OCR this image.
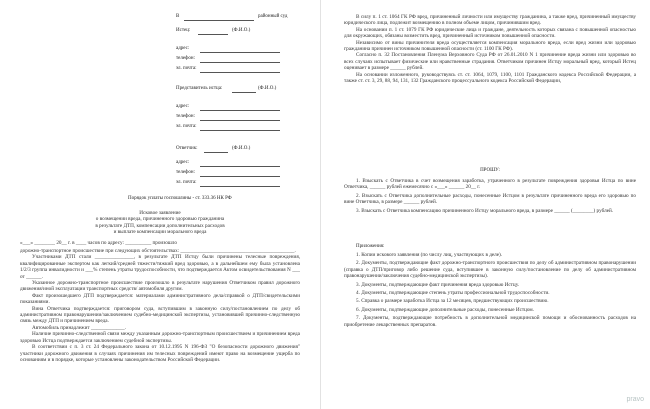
В	районный суд
Истец:	(Ф.И.О.)
адрес:
телефон:
эл. почта:
Представитель истца:	(Ф.И.О.)
адрес:
телефон:
эл. почта:
Ответчик:	(Ф.И.О.)
адрес:
телефон:
эл. почта:
Порядок уплаты госпошлины - ст. 333.36 НК РФ
Исковое заявление
о возмещении вреда, причиненного здоровью гражданина
в результате ДТП, компенсации дополнительных расходов
и выплате компенсации морального вреда
«___» ________ 20__ г. в ____ часов по адресу: __________ произошло
дорожно-транспортное происшествие при следующих обстоятельствах: ____________________________________________.
Участниками ДТП стали _______________, в результате ДТП Истцу были причинены телесные повреждения, квалифицированные экспертом как легкий/средней тяжести/тяжкий вред здоровью, а в дальнейшем ему была установлена 1/2/3 группа инвалидности и ___% степень утраты трудоспособности, что подтверждается Актом освидетельствования N ___ от ______.
Указанное дорожно-транспортное происшествие произошло в результате нарушения Ответчиком правил дорожного движения/иной эксплуатации транспортных средств/ автомобиля другим.
Факт произошедшего ДТП подтверждается: материалами административного дела/справкой о ДТП/свидетельскими показаниями.
Вина Ответчика подтверждается: приговором суда, вступившим в законную силу/постановлением по делу об административном правонарушении/заключением судебно-медицинской экспертизы, установившей причинно-следственную связь между ДТП и причинением вреда.
Автомобиль принадлежит _____________.
Наличие причинно-следственной связи между указанным дорожно-транспортным происшествием и причинением вреда здоровью Истца подтверждается заключением судебной экспертизы.
В соответствии с п. 3 ст. 24 Федерального закона от 10.12.1995 N 196-ФЗ "О безопасности дорожного движения" участники дорожного движения в случаях причинения им телесных повреждений имеют право на возмещение ущерба по основаниям и в порядке, которые установлены законодательством Российской Федерации.
В силу п. 1 ст. 1064 ГК РФ вред, причиненный личности или имуществу гражданина, а также вред, причиненный имуществу юридического лица, подлежит возмещению в полном объеме лицом, причинившим вред.
На основании п. 1 ст. 1079 ГК РФ юридические лица и граждане, деятельность которых связана с повышенной опасностью для окружающих, обязаны возместить вред, причиненный источником повышенной опасности.
Независимо от вины причинителя вреда осуществляется компенсация морального вреда, если вред жизни или здоровью гражданина причинен источником повышенной опасности (ст. 1100 ГК РФ).
Согласно п. 32 Постановления Пленума Верховного Суда РФ от 26.01.2010 N 1 причинение вреда жизни или здоровью во всех случаях испытывает физические или нравственные страдания. Ответчиком причинен Истцу моральный вред, который Истец оценивает в размере ______ рублей.
На основании изложенного, руководствуясь ст. ст. 1064, 1079, 1100, 1101 Гражданского кодекса Российской Федерации, а также ст. ст. 3, 29, 88, 94, 131, 132 Гражданского процессуального кодекса Российской Федерации,
ПРОШУ:

1. Взыскать с Ответчика в счет возмещения заработка, утраченного в результате повреждения здоровья Истца по вине Ответчика, ______ рублей ежемесячно с «___» ______ 20__ г.

2. Взыскать с Ответчика дополнительные расходы, понесенные Истцом в результате причиненного вреда его здоровью по вине Ответчика, в размере ______ рублей.

3. Взыскать с Ответчика компенсацию причиненного Истцу морального вреда, в размере ______ (________) рублей.

Приложения:

1. Копии искового заявления (по числу лиц, участвующих в деле).

2. Документы, подтверждающие факт дорожно-транспортного происшествия по делу об административном правонарушении (справка о ДТП/приговор либо решение суда, вступившее в законную силу/постановление по делу об административном правонарушении/заключения судебно-медицинской экспертизы).

3. Документы, подтверждающие факт причинения вреда здоровью Истцу.

4. Документы, подтверждающие степень утраты профессиональной трудоспособности.

5. Справка о размере заработка Истца за 12 месяцев, предшествующих происшествию.

6. Документы, подтверждающие дополнительные расходы, понесенные Истцом.

7. Документы, подтверждающие потребность в дополнительной медицинской помощи и обоснованность расходов на приобретение лекарственных препаратов.

pravo
